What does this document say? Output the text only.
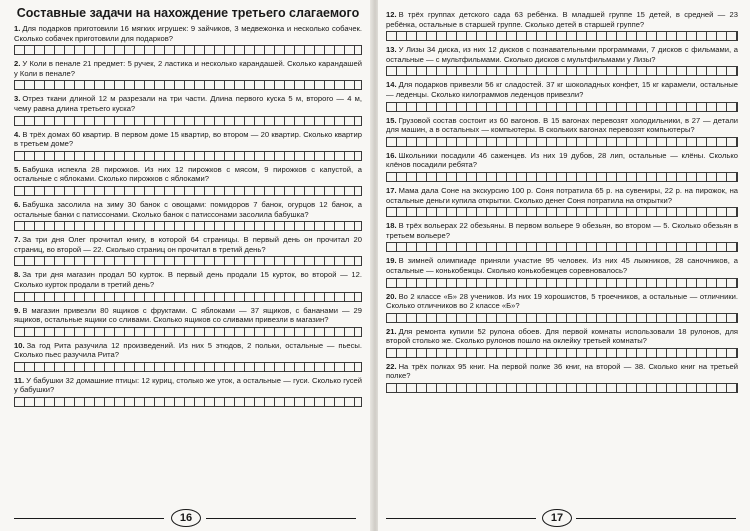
Составные задачи на нахождение третьего слагаемого

1. Для подарков приготовили 16 мягких игрушек: 9 зайчиков, 3 медвежонка и несколько собачек. Сколько собачек приготовили для подарков?

2. У Коли в пенале 21 предмет: 5 ручек, 2 ластика и несколько карандашей. Сколько карандашей у Коли в пенале?

3. Отрез ткани длиной 12 м разрезали на три части. Длина первого куска 5 м, второго — 4 м, чему равна длина третьего куска?

4. В трёх домах 60 квартир. В первом доме 15 квартир, во втором — 20 квартир. Сколько квартир в третьем доме?

5. Бабушка испекла 28 пирожков. Из них 12 пирожков с мясом, 9 пирожков с капустой, а остальные с яблоками. Сколько пирожков с яблоками?

6. Бабушка засолила на зиму 30 банок с овощами: помидоров 7 банок, огурцов 12 банок, а остальные банки с патиссонами. Сколько банок с патиссонами засолила бабушка?

7. За три дня Олег прочитал книгу, в которой 64 страницы. В первый день он прочитал 20 страниц, во второй — 22. Сколько страниц он прочитал в третий день?

8. За три дня магазин продал 50 курток. В первый день продали 15 курток, во второй — 12. Сколько курток продали в третий день?

9. В магазин привезли 80 ящиков с фруктами. С яблоками — 37 ящиков, с бананами — 29 ящиков, остальные ящики со сливами. Сколько ящиков со сливами привезли в магазин?

10. За год Рита разучила 12 произведений. Из них 5 этюдов, 2 польки, остальные — пьесы. Сколько пьес разучила Рита?

11. У бабушки 32 домашние птицы: 12 куриц, столько же уток, а остальные — гуси. Сколько гусей у бабушки?

16

12. В трёх группах детского сада 63 ребёнка. В младшей группе 15 детей, в средней — 23 ребёнка, остальные в старшей группе. Сколько детей в старшей группе?

13. У Лизы 34 диска, из них 12 дисков с познавательными программами, 7 дисков с фильмами, а остальные — с мультфильмами. Сколько дисков с мультфильмами у Лизы?

14. Для подарков привезли 56 кг сладостей. 37 кг шоколадных конфет, 15 кг карамели, остальные — леденцы. Сколько килограммов леденцов привезли?

15. Грузовой состав состоит из 60 вагонов. В 15 вагонах перевозят холодильники, в 27 — детали для машин, а в остальных — компьютеры. В скольких вагонах перевозят компьютеры?

16. Школьники посадили 46 саженцев. Из них 19 дубов, 28 лип, остальные — клёны. Сколько клёнов посадили ребята?

17. Мама дала Соне на экскурсию 100 р. Соня потратила 65 р. на сувениры, 22 р. на пирожок, на остальные деньги купила открытки. Сколько денег Соня потратила на открытки?

18. В трёх вольерах 22 обезьяны. В первом вольере 9 обезьян, во втором — 5. Сколько обезьян в третьем вольере?

19. В зимней олимпиаде приняли участие 95 человек. Из них 45 лыжников, 28 саночников, а остальные — конькобежцы. Сколько конькобежцев соревновалось?

20. Во 2 классе «Б» 28 учеников. Из них 19 хорошистов, 5 троечников, а остальные — отличники. Сколько отличников во 2 классе «Б»?

21. Для ремонта купили 52 рулона обоев. Для первой комнаты использовали 18 рулонов, для второй столько же. Сколько рулонов пошло на оклейку третьей комнаты?

22. На трёх полках 95 книг. На первой полке 36 книг, на второй — 38. Сколько книг на третьей полке?

17
